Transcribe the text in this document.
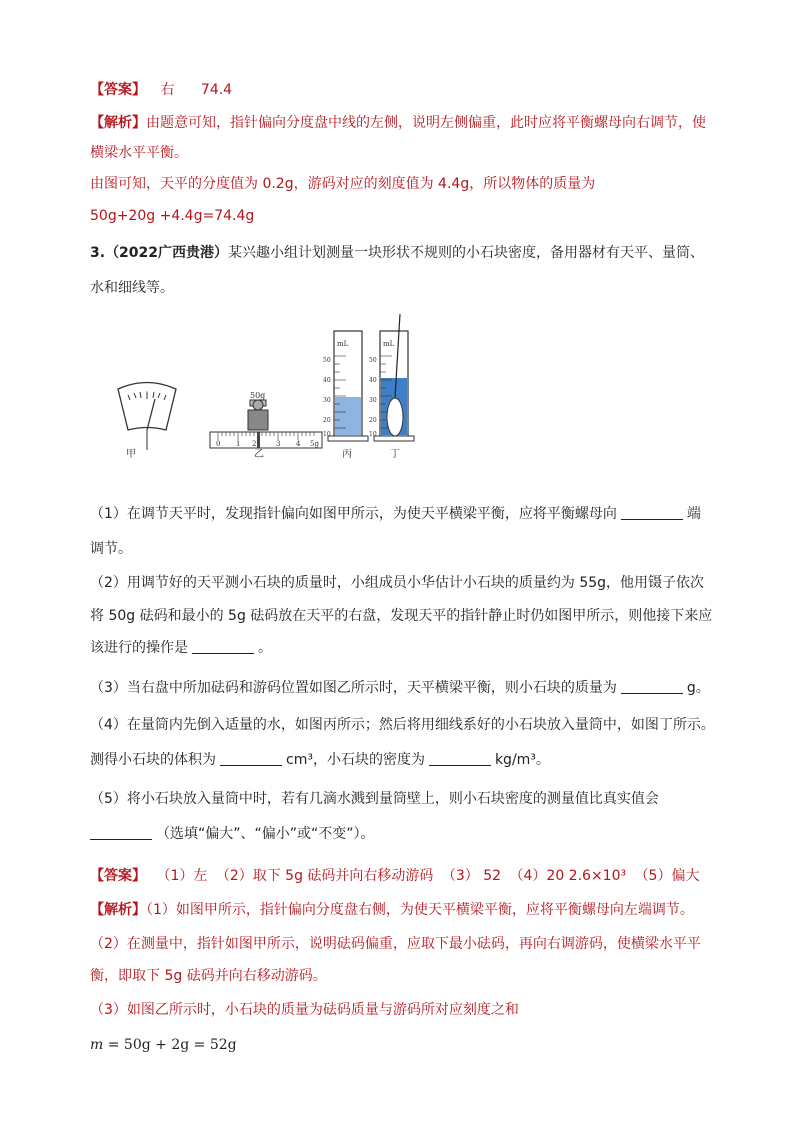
【答案】 右 74.4
【解析】由题意可知，指针偏向分度盘中线的左侧，说明左侧偏重，此时应将平衡螺母向右调节，使
横梁水平平衡。
由图可知，天平的分度值为 0.2g，游码对应的刻度值为 4.4g，所以物体的质量为
50g+20g +4.4g=74.4g
3.（2022广西贵港）某兴趣小组计划测量一块形状不规则的小石块密度，备用器材有天平、量筒、
水和细线等。
甲
50g
0 1 2	3 4 5g
乙
mL
50
40
30
20
10
丙
mL
50
40
30
20
10
丁
（1）在调节天平时，发现指针偏向如图甲所示，为使天平横梁平衡，应将平衡螺母向	端
调节。
（2）用调节好的天平测小石块的质量时，小组成员小华估计小石块的质量约为 55g，他用镊子依次
将 50g 砝码和最小的 5g 砝码放在天平的右盘，发现天平的指针静止时仍如图甲所示，则他接下来应
该进行的操作是	。
（3）当右盘中所加砝码和游码位置如图乙所示时，天平横梁平衡，则小石块的质量为	g。
（4）在量筒内先倒入适量的水，如图丙所示；然后将用细线系好的小石块放入量筒中，如图丁所示。
测得小石块的体积为	cm³，小石块的密度为	kg/m³。
（5）将小石块放入量筒中时，若有几滴水溅到量筒壁上，则小石块密度的测量值比真实值会
（选填“偏大”、“偏小”或“不变”）。
【答案】 （1）左 （2）取下 5g 砝码并向右移动游码 （3） 52 （4）20 2.6×10³ （5）偏大
【解析】（1）如图甲所示，指针偏向分度盘右侧，为使天平横梁平衡，应将平衡螺母向左端调节。
（2）在测量中，指针如图甲所示，说明砝码偏重，应取下最小砝码，再向右调游码，使横梁水平平
衡，即取下 5g 砝码并向右移动游码。
（3）如图乙所示时，小石块的质量为砝码质量与游码所对应刻度之和
m = 50g + 2g = 52g
